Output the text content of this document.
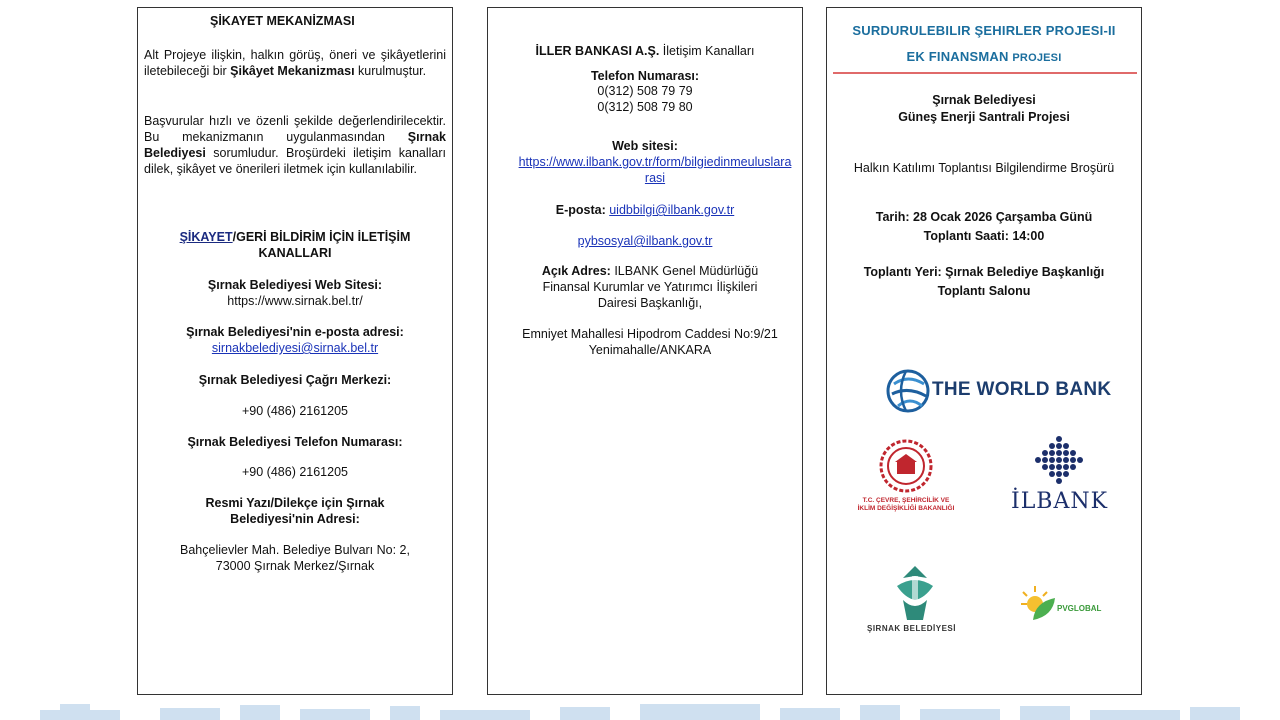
ŞİKAYET MEKANİZMASI
Alt Projeye ilişkin, halkın görüş, öneri ve şikâyetlerini iletebileceği bir Şikâyet Mekanizması kurulmuştur.
Başvurular hızlı ve özenli şekilde değerlendirilecektir. Bu mekanizmanın uygulanmasından Şırnak Belediyesi sorumludur. Broşürdeki iletişim kanalları dilek, şikâyet ve önerileri iletmek için kullanılabilir.
ŞİKAYET/GERİ BİLDİRİM İÇİN İLETİŞİM KANALLARI
Şırnak Belediyesi Web Sitesi:
https://www.sirnak.bel.tr/
Şırnak Belediyesi'nin e-posta adresi:
sirnakbelediyesi@sirnak.bel.tr
Şırnak Belediyesi Çağrı Merkezi:
+90 (486) 2161205
Şırnak Belediyesi Telefon Numarası:
+90 (486) 2161205
Resmi Yazı/Dilekçe için Şırnak Belediyesi'nin Adresi:
Bahçelievler Mah. Belediye Bulvarı No: 2, 73000 Şırnak Merkez/Şırnak
İLLER BANKASI A.Ş. İletişim Kanalları
Telefon Numarası:
0(312) 508 79 79
0(312) 508 79 80
Web sitesi:
https://www.ilbank.gov.tr/form/bilgiedinmeuluslararasi
E-posta: uidbbilgi@ilbank.gov.tr
pybsosyal@ilbank.gov.tr
Açık Adres: ILBANK Genel Müdürlüğü Finansal Kurumlar ve Yatırımcı İlişkileri Dairesi Başkanlığı,
Emniyet Mahallesi Hipodrom Caddesi No:9/21 Yenimahalle/ANKARA
SURDURULEBILIR ŞEHIRLER PROJESI-II
EK FINANSMAN PROJESI
Şırnak Belediyesi
Güneş Enerji Santrali Projesi
Halkın Katılımı Toplantısı Bilgilendirme Broşürü
Tarih: 28 Ocak 2026 Çarşamba Günü
Toplantı Saati: 14:00
Toplantı Yeri: Şırnak Belediye Başkanlığı
Toplantı Salonu
THE WORLD BANK
T.C. ÇEVRE, ŞEHİRCİLİK VE
İKLİM DEĞİŞİKLİĞİ BAKANLIĞI	İLBANK
ŞIRNAK BELEDİYESİ
PVGLOBAL
